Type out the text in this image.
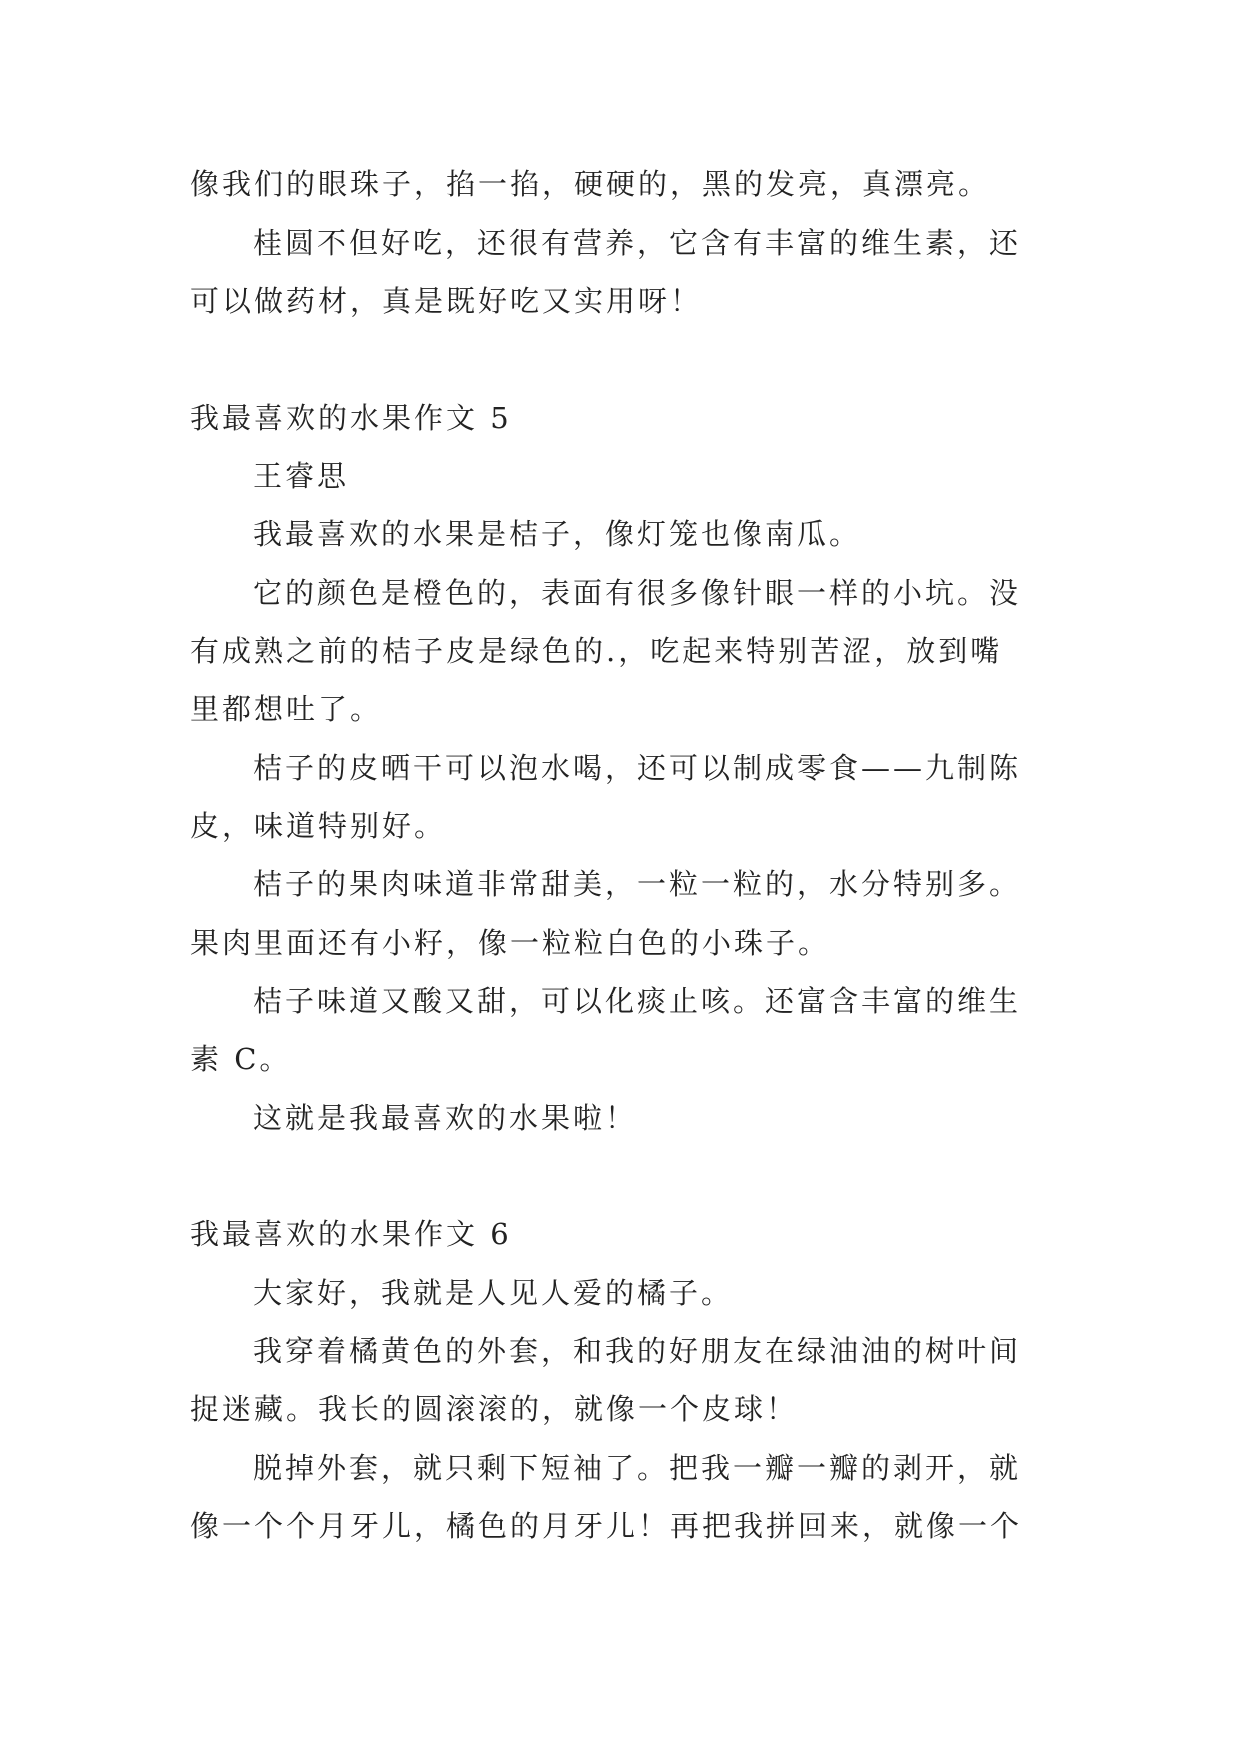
像我们的眼珠子，掐一掐，硬硬的，黑的发亮，真漂亮。
桂圆不但好吃，还很有营养，它含有丰富的维生素，还
可以做药材，真是既好吃又实用呀！
我最喜欢的水果作文 5
王睿思
我最喜欢的水果是桔子，像灯笼也像南瓜。
它的颜色是橙色的，表面有很多像针眼一样的小坑。没
有成熟之前的桔子皮是绿色的.，吃起来特别苦涩，放到嘴
里都想吐了。
桔子的皮晒干可以泡水喝，还可以制成零食——九制陈
皮，味道特别好。
桔子的果肉味道非常甜美，一粒一粒的，水分特别多。
果肉里面还有小籽，像一粒粒白色的小珠子。
桔子味道又酸又甜，可以化痰止咳。还富含丰富的维生
素 C。
这就是我最喜欢的水果啦！
我最喜欢的水果作文 6
大家好，我就是人见人爱的橘子。
我穿着橘黄色的外套，和我的好朋友在绿油油的树叶间
捉迷藏。我长的圆滚滚的，就像一个皮球！
脱掉外套，就只剩下短袖了。把我一瓣一瓣的剥开，就
像一个个月牙儿，橘色的月牙儿！再把我拼回来，就像一个
